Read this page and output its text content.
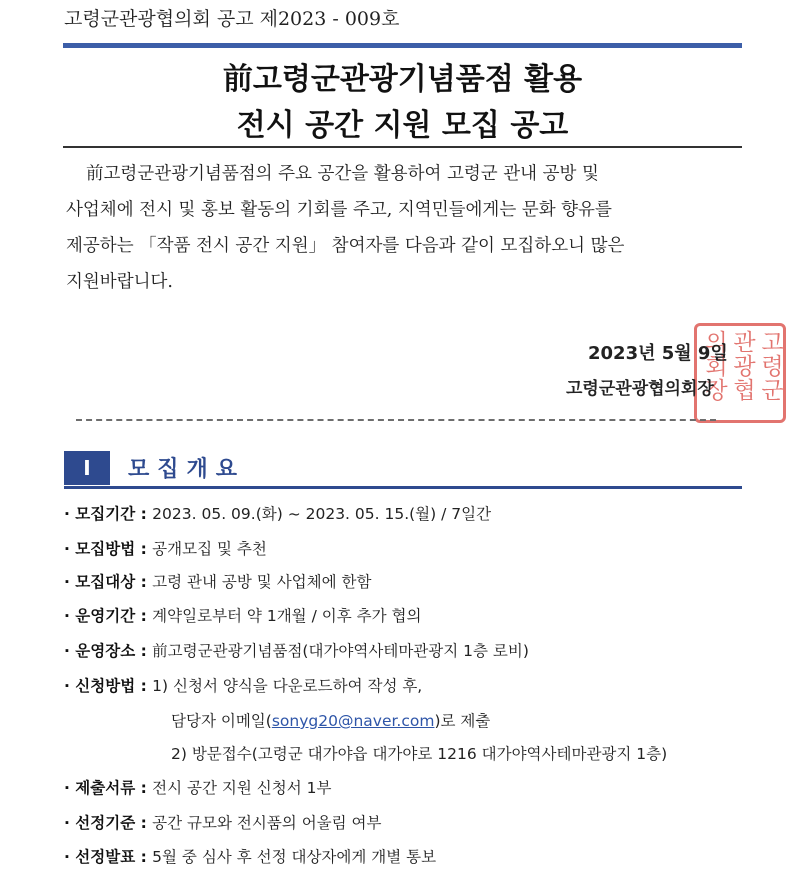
고령군관광협의회 공고 제2023 - 009호
前고령군관광기념품점 활용
전시 공간 지원 모집 공고
前고령군관광기념품점의 주요 공간을 활용하여 고령군 관내 공방 및
사업체에 전시 및 홍보 활동의 기회를 주고, 지역민들에게는 문화 향유를
제공하는 「작품 전시 공간 지원」 참여자를 다음과 같이 모집하오니 많은
지원바랍니다.
고령군관광협의회장
2023년 5월 9일
고령군관광협의회장
Ⅰ	모집개요
· 모집기간 : 2023. 05. 09.(화) ~ 2023. 05. 15.(월) / 7일간
· 모집방법 : 공개모집 및 추천
· 모집대상 : 고령 관내 공방 및 사업체에 한함
· 운영기간 : 계약일로부터 약 1개월 / 이후 추가 협의
· 운영장소 : 前고령군관광기념품점(대가야역사테마관광지 1층 로비)
· 신청방법 : 1) 신청서 양식을 다운로드하여 작성 후,
담당자 이메일(sonyg20@naver.com)로 제출
2) 방문접수(고령군 대가야읍 대가야로 1216 대가야역사테마관광지 1층)
· 제출서류 : 전시 공간 지원 신청서 1부
· 선정기준 : 공간 규모와 전시품의 어울림 여부
· 선정발표 : 5월 중 심사 후 선정 대상자에게 개별 통보
